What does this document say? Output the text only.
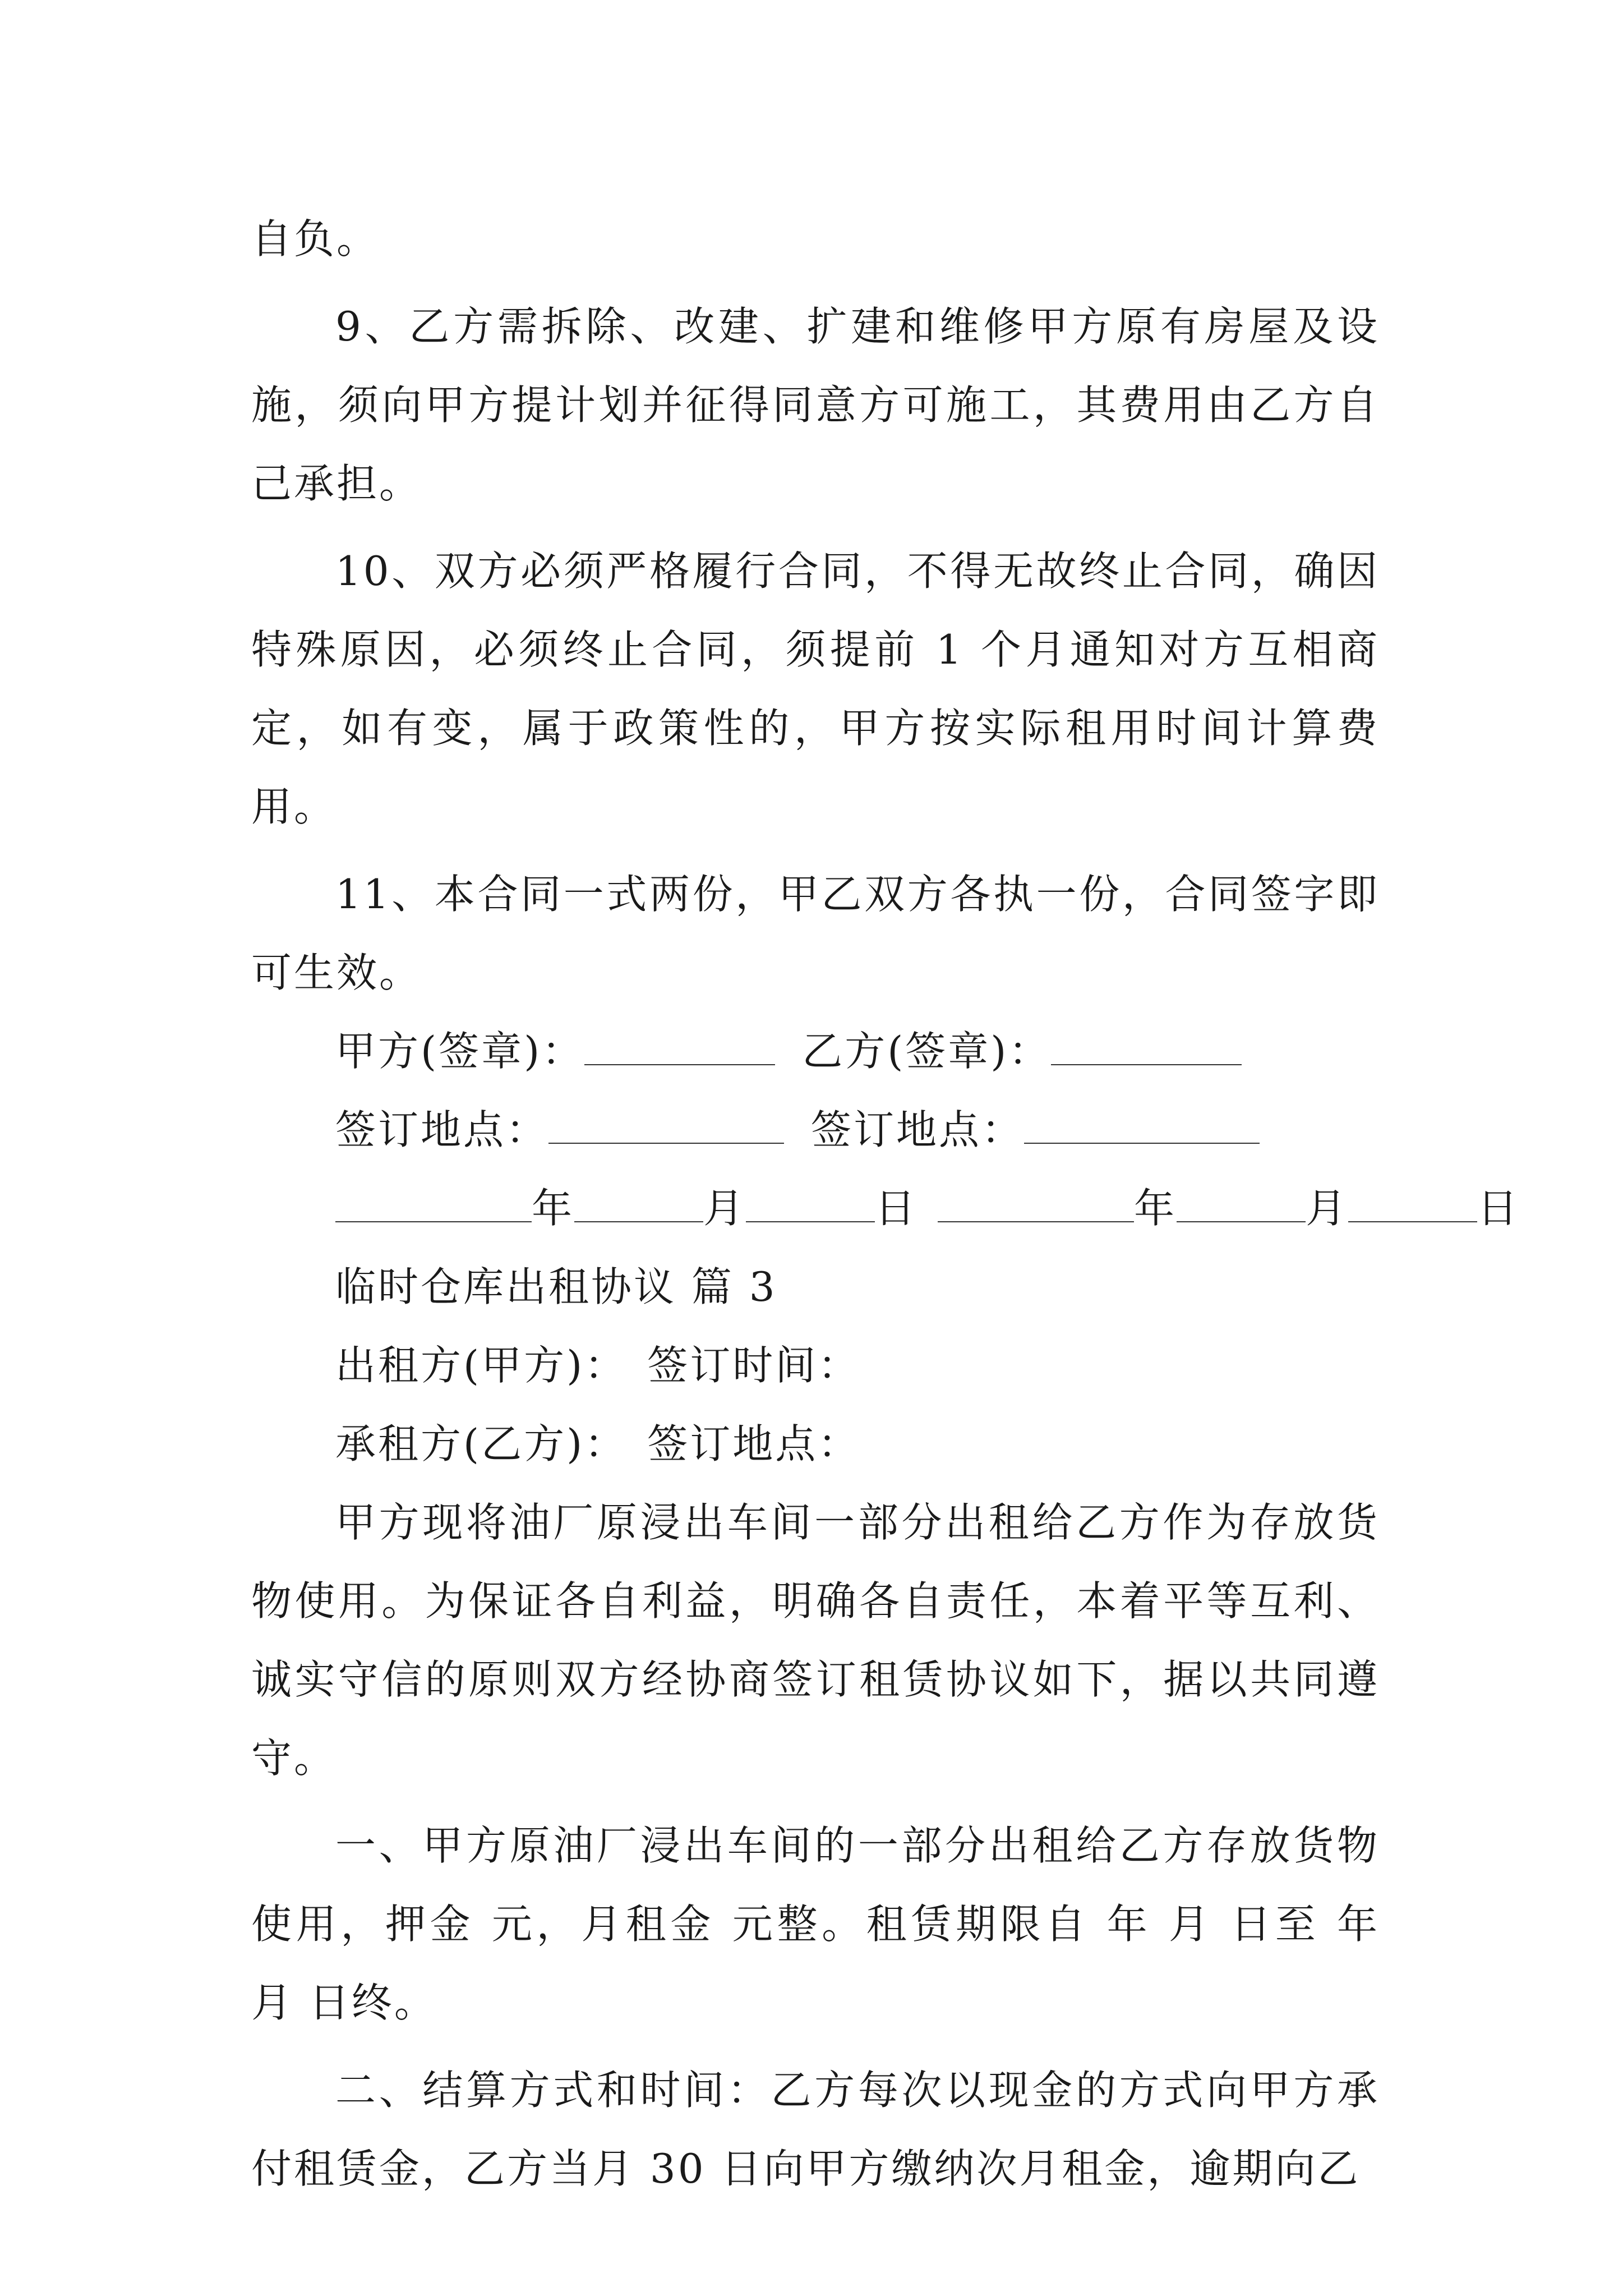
自负。

9、乙方需拆除、改建、扩建和维修甲方原有房屋及设施，须向甲方提计划并征得同意方可施工，其费用由乙方自己承担。

10、双方必须严格履行合同，不得无故终止合同，确因特殊原因，必须终止合同，须提前 1 个月通知对方互相商定，如有变，属于政策性的，甲方按实际租用时间计算费用。

11、本合同一式两份，甲乙双方各执一份，合同签字即可生效。

甲方(签章)：	乙方(签章)：

签订地点：	签订地点：

年	月	日	年	月	日

临时仓库出租协议 篇 3

出租方(甲方)： 签订时间：

承租方(乙方)： 签订地点：

甲方现将油厂原浸出车间一部分出租给乙方作为存放货物使用。为保证各自利益，明确各自责任，本着平等互利、诚实守信的原则双方经协商签订租赁协议如下，据以共同遵守。

一、甲方原油厂浸出车间的一部分出租给乙方存放货物使用，押金 元，月租金 元整。租赁期限自 年 月 日至 年 月 日终。

二、结算方式和时间：乙方每次以现金的方式向甲方承付租赁金，乙方当月 30 日向甲方缴纳次月租金，逾期向乙
